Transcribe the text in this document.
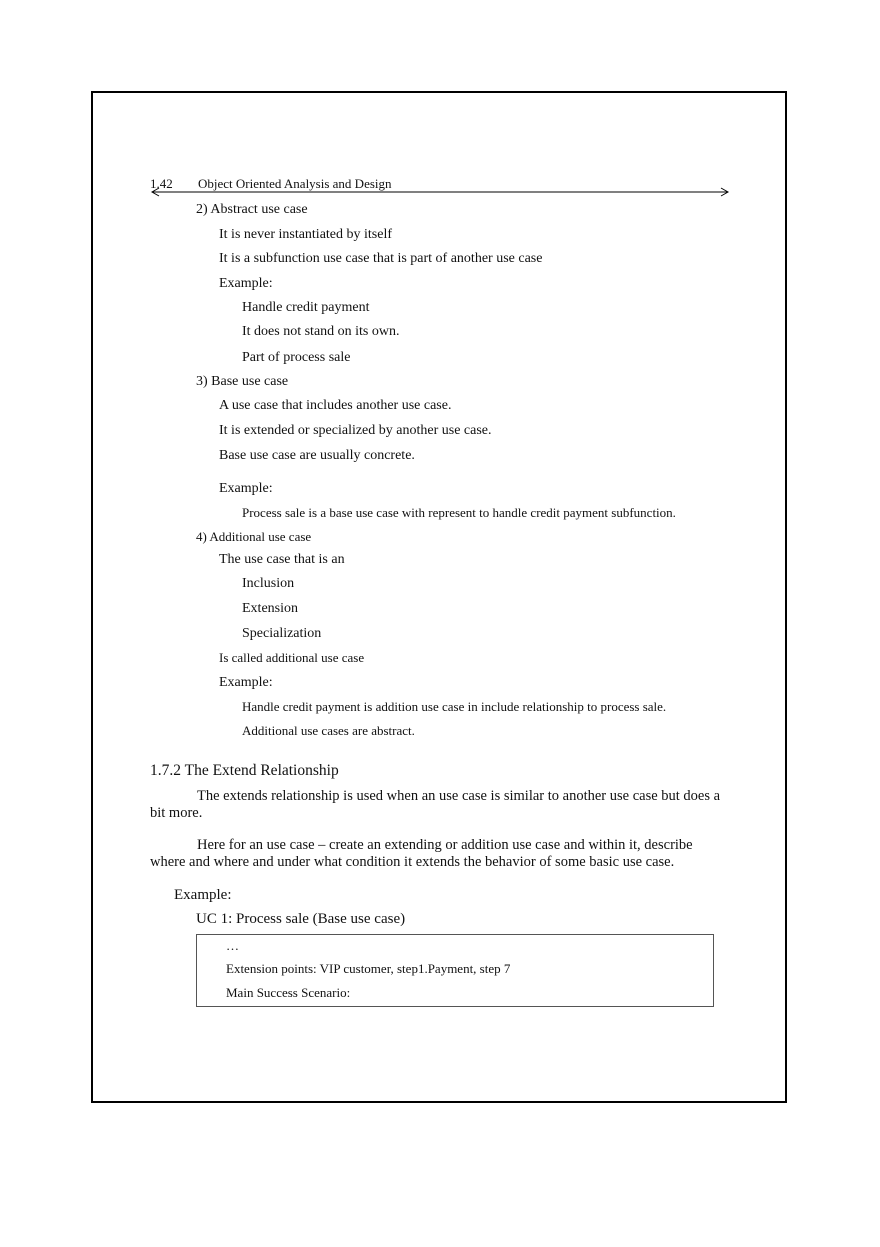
1.42 Object Oriented Analysis and Design
2) Abstract use case
It is never instantiated by itself
It is a subfunction use case that is part of another use case
Example:
Handle credit payment
It does not stand on its own.
Part of process sale
3) Base use case
A use case that includes another use case.
It is extended or specialized by another use case.
Base use case are usually concrete.
Example:
Process sale is a base use case with represent to handle credit payment subfunction.
4) Additional use case
The use case that is an
Inclusion
Extension
Specialization
Is called additional use case
Example:
Handle credit payment is addition use case in include relationship to process sale.
Additional use cases are abstract.
1.7.2 The Extend Relationship
The extends relationship is used when an use case is similar to another use case but does a bit more.
Here for an use case – create an extending or addition use case and within it, describe where and where and under what condition it extends the behavior of some basic use case.
Example:
UC 1: Process sale (Base use case)
…
Extension points: VIP customer, step1.Payment, step 7
Main Success Scenario:
